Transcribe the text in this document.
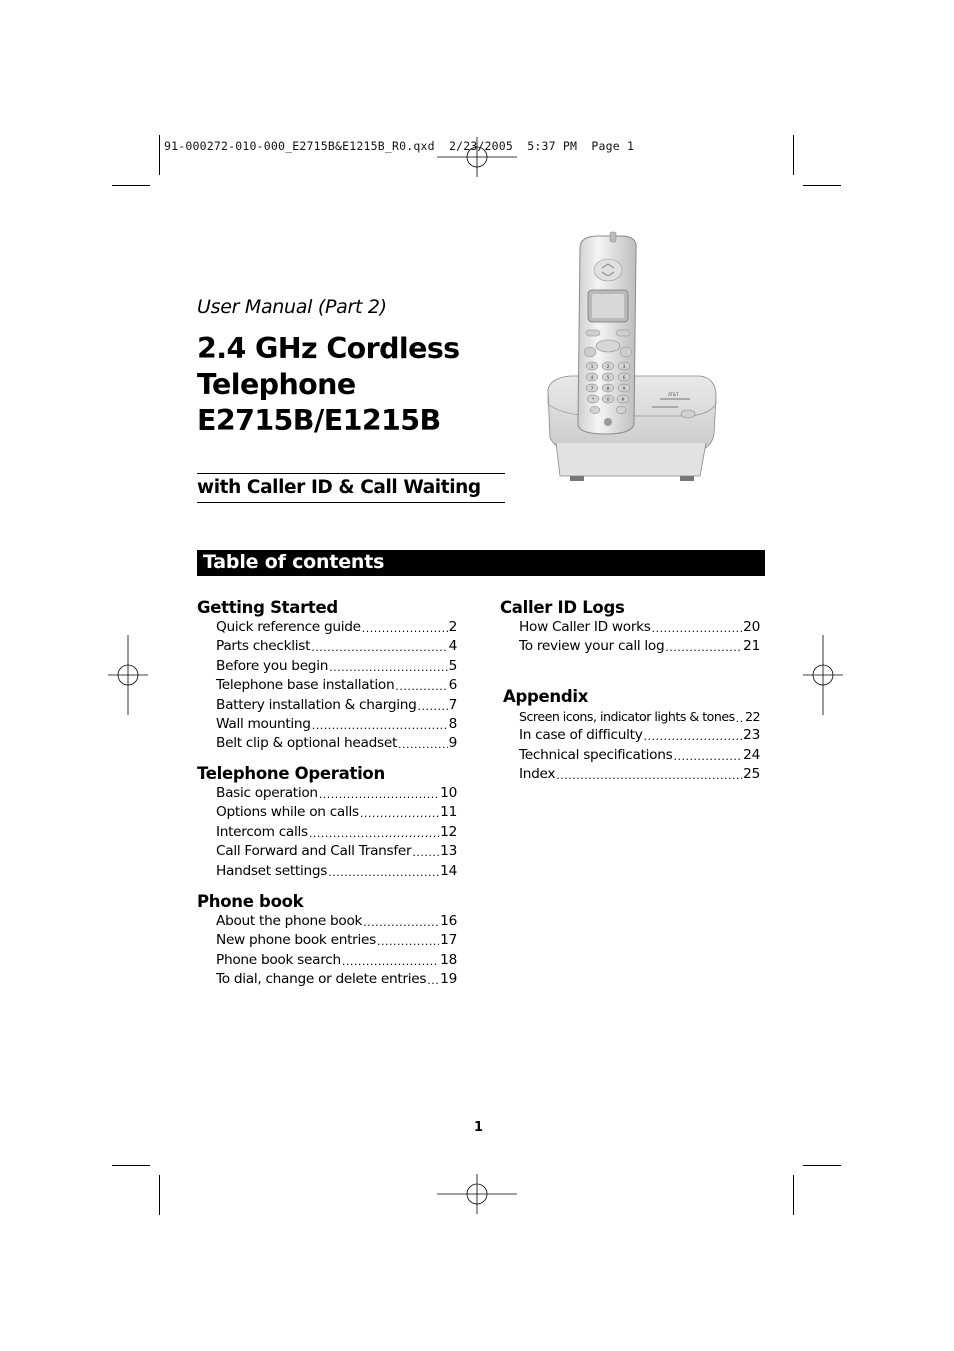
91-000272-010-000_E2715B&E1215B_R0.qxd  2/23/2005  5:37 PM  Page 1
User Manual (Part 2)
2.4 GHz Cordless
Telephone
E2715B/E1215B
with Caller ID & Call Waiting
AT&T
1	2	3
4	5	6
7	8	9
*	0	#
Table of contents
Getting Started
Quick reference guide .....	2
Parts checklist .....	4
Before you begin .....	5
Telephone base installation .....	6
Battery installation & charging ..... 7
Wall mounting .....	8
Belt clip & optional headset .....	9
Telephone Operation
Basic operation .....	10
Options while on calls .....	11
Intercom calls .....	12
Call Forward and Call Transfer ..... 13
Handset settings .....	14
Phone book
About the phone book .....	16
New phone book entries .....	17
Phone book search .....	18
To dial, change or delete entries ..... 19
Caller ID Logs
How Caller ID works .....	20
To review your call log .....	21
Appendix
Screen icons, indicator lights & tones ..... 22
In case of difficulty .....	23
Technical specifications .....	24
Index .....	25
1
